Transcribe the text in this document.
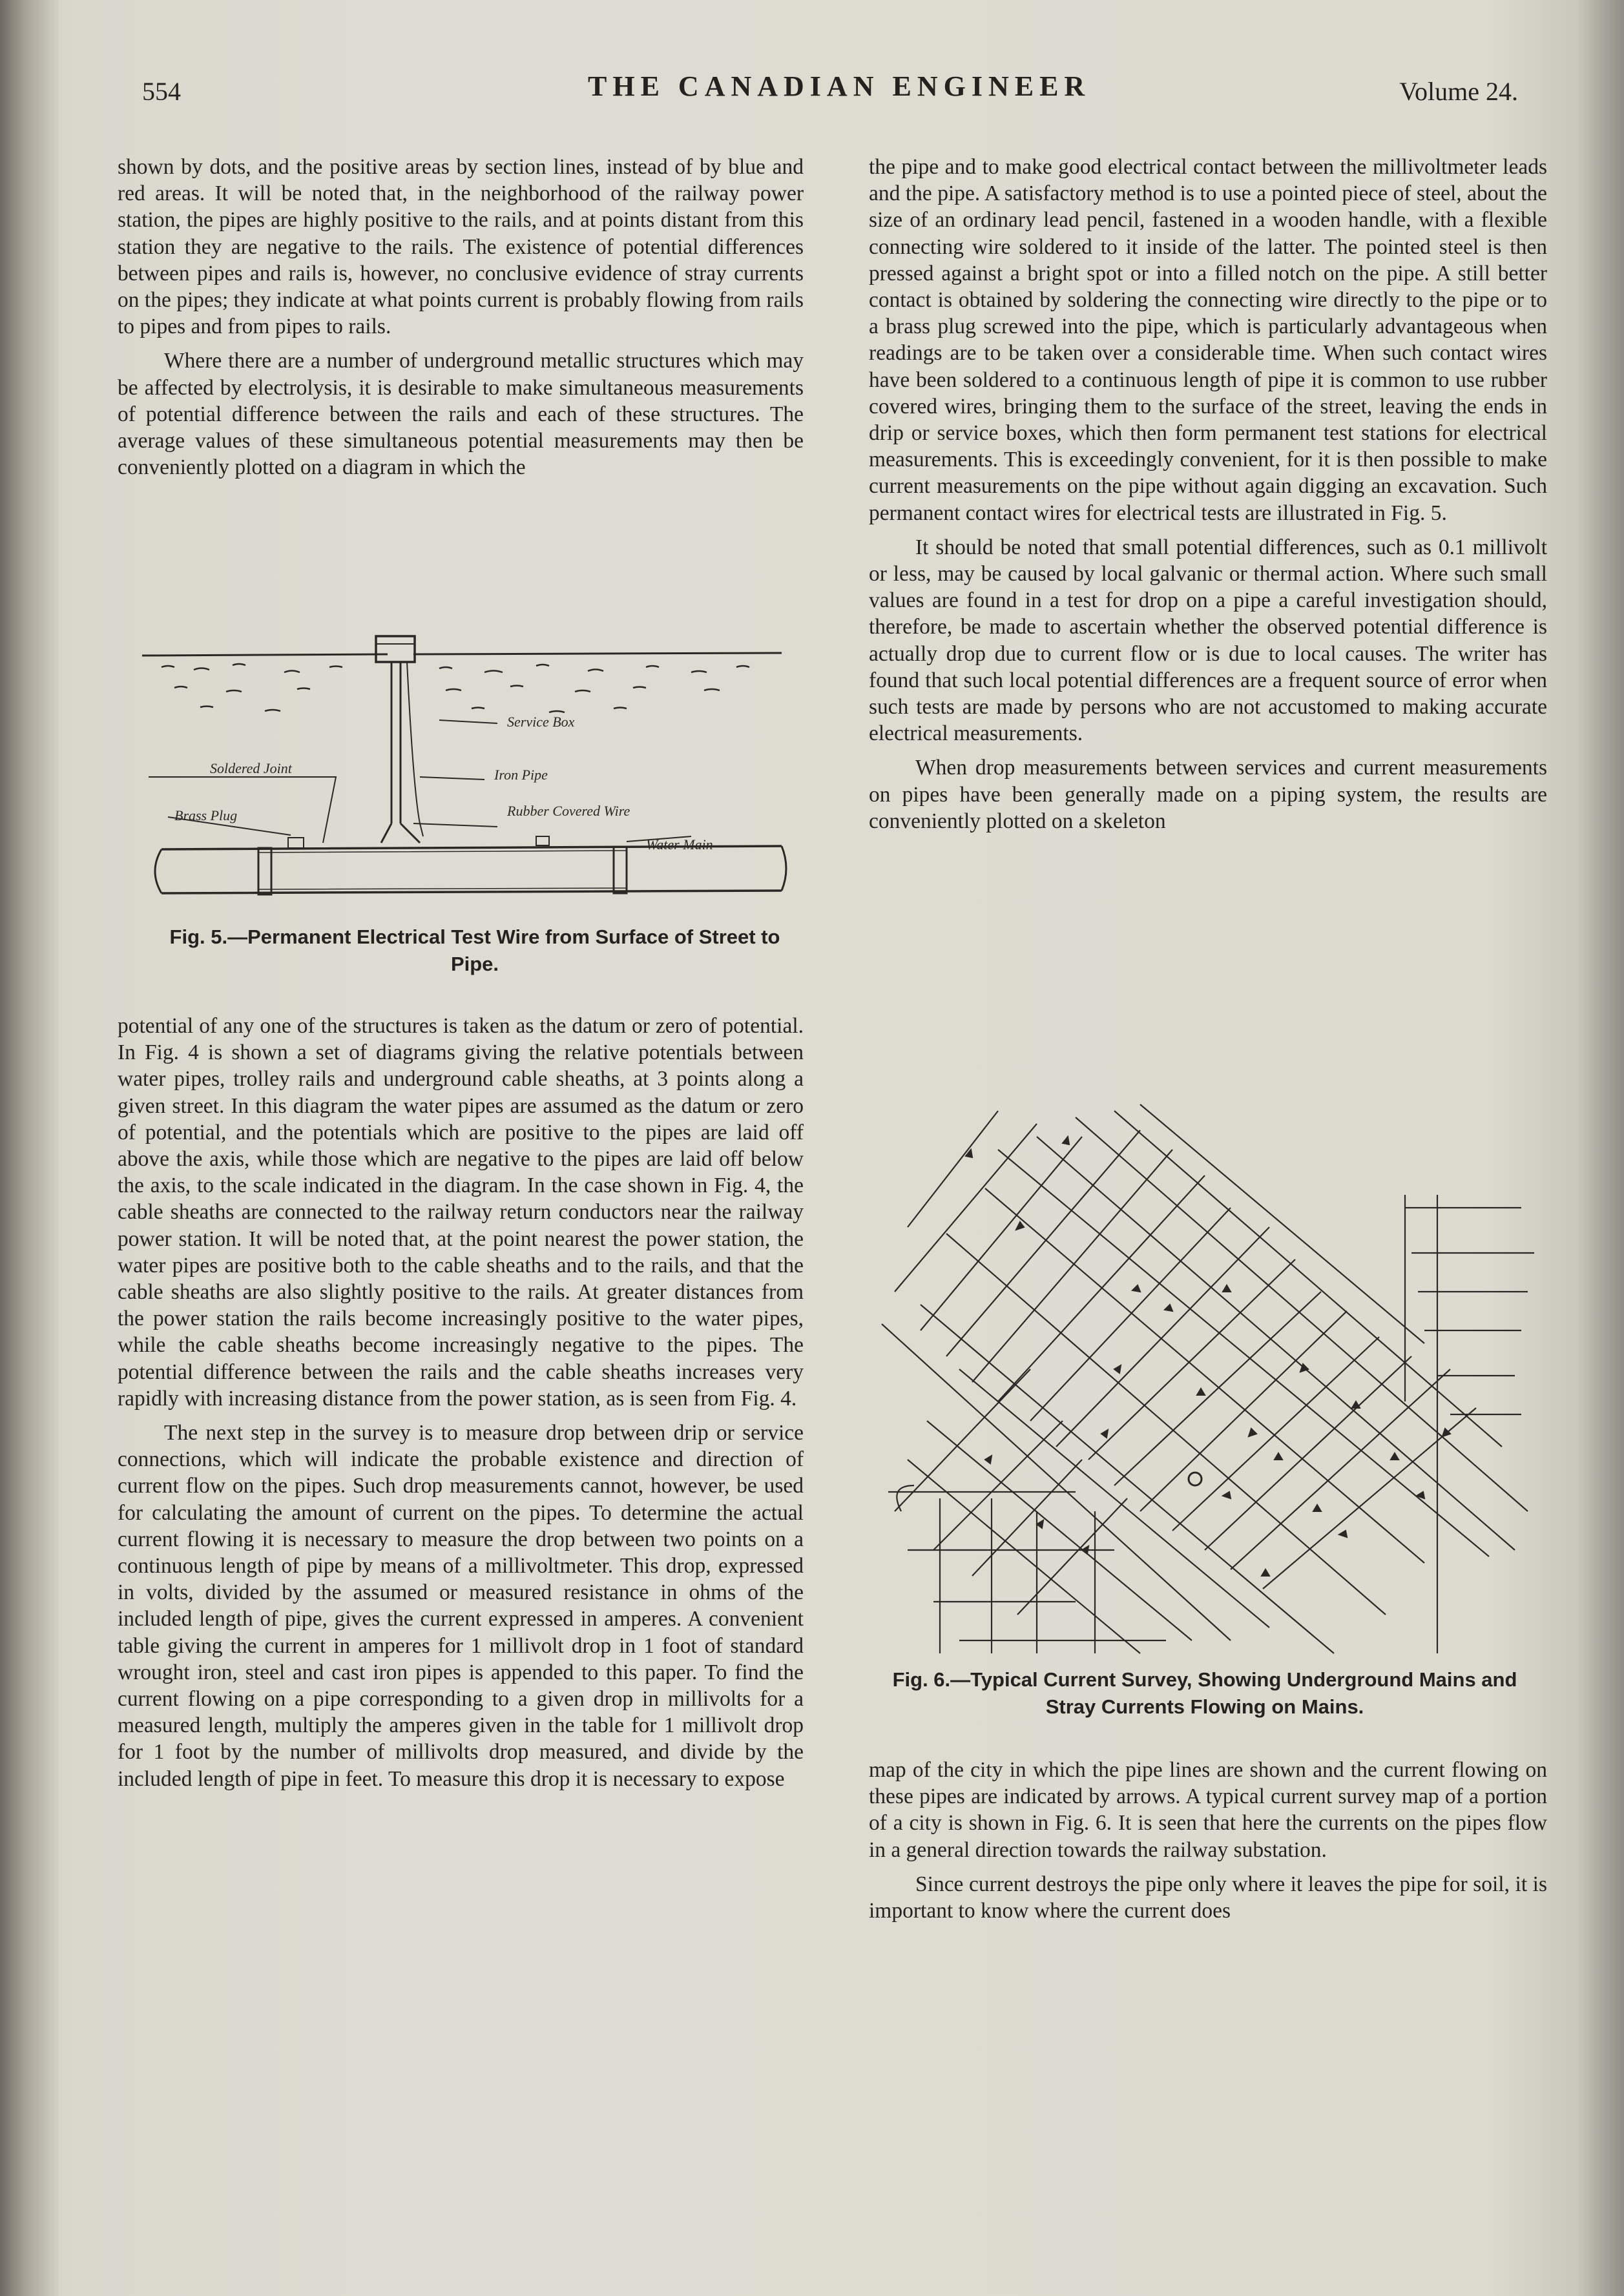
554	THE CANADIAN ENGINEER	Volume 24.

shown by dots, and the positive areas by section lines, instead of by blue and red areas. It will be noted that, in the neighborhood of the railway power station, the pipes are highly positive to the rails, and at points distant from this station they are negative to the rails. The existence of potential differences between pipes and rails is, however, no conclusive evidence of stray currents on the pipes; they indicate at what points current is probably flowing from rails to pipes and from pipes to rails.

Where there are a number of underground metallic structures which may be affected by electrolysis, it is desirable to make simultaneous measurements of potential difference between the rails and each of these structures. The average values of these simultaneous potential measurements may then be conveniently plotted on a diagram in which the

Service Box
Soldered Joint	Iron Pipe
Brass Plug	Rubber Covered Wire
Water Main
Fig. 5.—Permanent Electrical Test Wire from Surface of Street to Pipe.

potential of any one of the structures is taken as the datum or zero of potential. In Fig. 4 is shown a set of diagrams giving the relative potentials between water pipes, trolley rails and underground cable sheaths, at 3 points along a given street. In this diagram the water pipes are assumed as the datum or zero of potential, and the potentials which are positive to the pipes are laid off above the axis, while those which are negative to the pipes are laid off below the axis, to the scale indicated in the diagram. In the case shown in Fig. 4, the cable sheaths are connected to the railway return conductors near the railway power station. It will be noted that, at the point nearest the power station, the water pipes are positive both to the cable sheaths and to the rails, and that the cable sheaths are also slightly positive to the rails. At greater distances from the power station the rails become increasingly positive to the water pipes, while the cable sheaths become increasingly negative to the pipes. The potential difference between the rails and the cable sheaths increases very rapidly with increasing distance from the power station, as is seen from Fig. 4.

The next step in the survey is to measure drop between drip or service connections, which will indicate the probable existence and direction of current flow on the pipes. Such drop measurements cannot, however, be used for calculating the amount of current on the pipes. To determine the actual current flowing it is necessary to measure the drop between two points on a continuous length of pipe by means of a millivoltmeter. This drop, expressed in volts, divided by the assumed or measured resistance in ohms of the included length of pipe, gives the current expressed in amperes. A convenient table giving the current in amperes for 1 millivolt drop in 1 foot of standard wrought iron, steel and cast iron pipes is appended to this paper. To find the current flowing on a pipe corresponding to a given drop in millivolts for a measured length, multiply the amperes given in the table for 1 millivolt drop for 1 foot by the number of millivolts drop measured, and divide by the included length of pipe in feet. To measure this drop it is necessary to expose

the pipe and to make good electrical contact between the millivoltmeter leads and the pipe. A satisfactory method is to use a pointed piece of steel, about the size of an ordinary lead pencil, fastened in a wooden handle, with a flexible connecting wire soldered to it inside of the latter. The pointed steel is then pressed against a bright spot or into a filled notch on the pipe. A still better contact is obtained by soldering the connecting wire directly to the pipe or to a brass plug screwed into the pipe, which is particularly advantageous when readings are to be taken over a considerable time. When such contact wires have been soldered to a continuous length of pipe it is common to use rubber covered wires, bringing them to the surface of the street, leaving the ends in drip or service boxes, which then form permanent test stations for electrical measurements. This is exceedingly convenient, for it is then possible to make current measurements on the pipe without again digging an excavation. Such permanent contact wires for electrical tests are illustrated in Fig. 5.

It should be noted that small potential differences, such as 0.1 millivolt or less, may be caused by local galvanic or thermal action. Where such small values are found in a test for drop on a pipe a careful investigation should, therefore, be made to ascertain whether the observed potential difference is actually drop due to current flow or is due to local causes. The writer has found that such local potential differences are a frequent source of error when such tests are made by persons who are not accustomed to making accurate electrical measurements.

When drop measurements between services and current measurements on pipes have been generally made on a piping system, the results are conveniently plotted on a skeleton

Fig. 6.—Typical Current Survey, Showing Underground Mains and Stray Currents Flowing on Mains.

map of the city in which the pipe lines are shown and the current flowing on these pipes are indicated by arrows. A typical current survey map of a portion of a city is shown in Fig. 6. It is seen that here the currents on the pipes flow in a general direction towards the railway substation.

Since current destroys the pipe only where it leaves the pipe for soil, it is important to know where the current does
